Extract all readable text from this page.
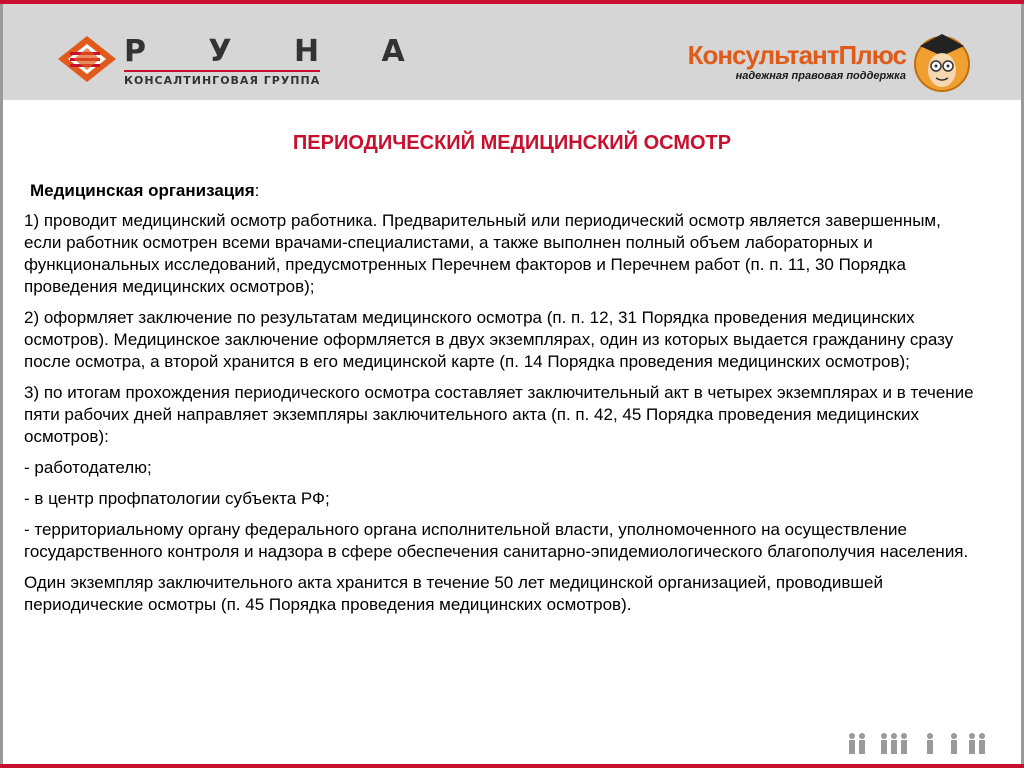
Р У Н А
КОНСАЛТИНГОВАЯ ГРУППА
КонсультантПлюс
надежная правовая поддержка
ПЕРИОДИЧЕСКИЙ МЕДИЦИНСКИЙ ОСМОТР
Медицинская организация:

1) проводит медицинский осмотр работника. Предварительный или периодический осмотр является завершенным, если работник осмотрен всеми врачами-специалистами, а также выполнен полный объем лабораторных и функциональных исследований, предусмотренных Перечнем факторов и Перечнем работ (п. п. 11, 30 Порядка проведения медицинских осмотров);

2) оформляет заключение по результатам медицинского осмотра (п. п. 12, 31 Порядка проведения медицинских осмотров). Медицинское заключение оформляется в двух экземплярах, один из которых выдается гражданину сразу после осмотра, а второй хранится в его медицинской карте (п. 14 Порядка проведения медицинских осмотров);

3) по итогам прохождения периодического осмотра составляет заключительный акт в четырех экземплярах и в течение пяти рабочих дней направляет экземпляры заключительного акта (п. п. 42, 45 Порядка проведения медицинских осмотров):

- работодателю;

- в центр профпатологии субъекта РФ;

- территориальному органу федерального органа исполнительной власти, уполномоченного на осуществление государственного контроля и надзора в сфере обеспечения санитарно-эпидемиологического благополучия населения.

Один экземпляр заключительного акта хранится в течение 50 лет медицинской организацией, проводившей периодические осмотры (п. 45 Порядка проведения медицинских осмотров).
